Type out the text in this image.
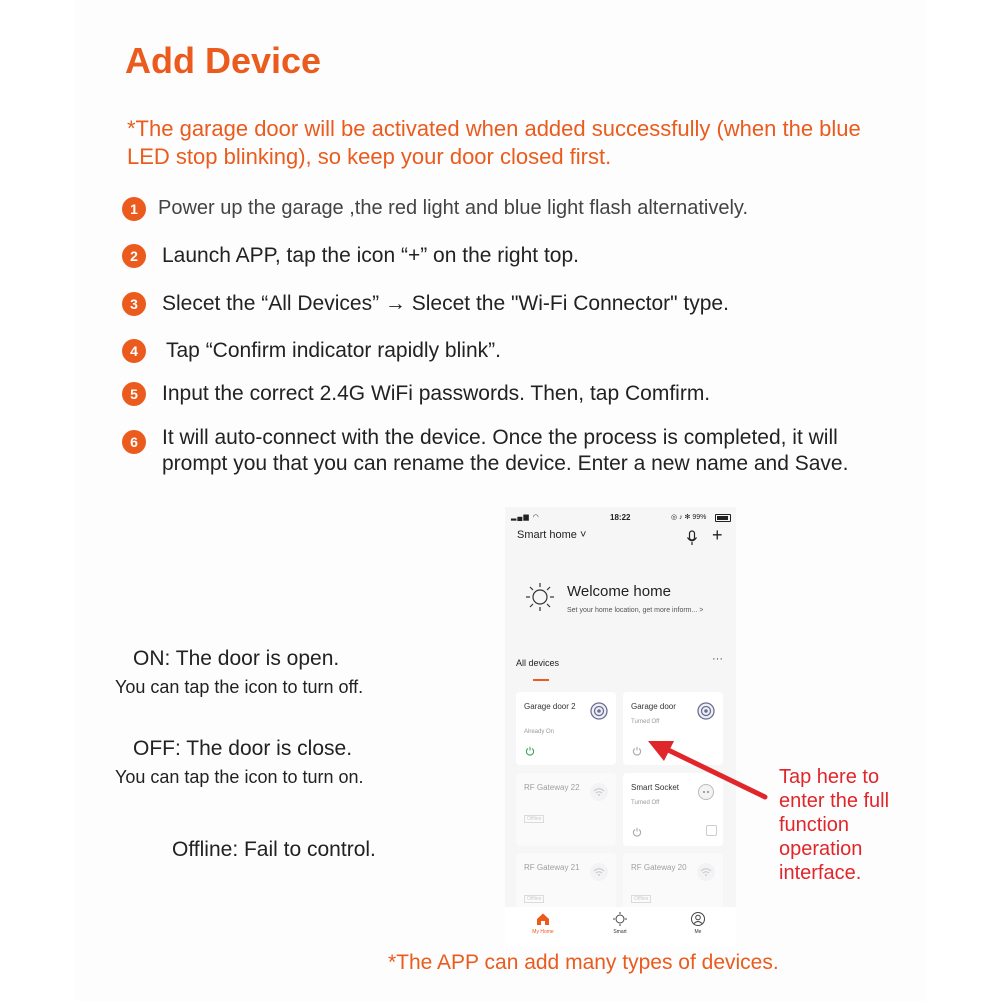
Add Device
*The garage door will be activated when added successfully (when the blue LED stop blinking), so keep your door closed first.
1	Power up the garage ,the red light and blue light flash alternatively.
2	Launch APP, tap the icon “+” on the right top.
3	Slecet the “All Devices” → Slecet the "Wi-Fi Connector" type.
4	Tap “Confirm indicator rapidly blink”.
5	Input the correct 2.4G WiFi passwords. Then, tap Comfirm.
6	It will auto-connect with the device. Once the process is completed, it will prompt you that you can rename the device. Enter a new name and Save.
ON: The door is open.
You can tap the icon to turn off.
OFF: The door is close.
You can tap the icon to turn on.
Offline: Fail to control.
▂▄▆ ◠	18:22	◎ ♪ ✻ 99%
Smart home ˅	+
Welcome home
Set your home location, get more inform... >
All devices	···
Garage door 2
Already On
Garage door
Turned Off
RF Gateway 22
Offline
Smart Socket
Turned Off
RF Gateway 21
Offline
RF Gateway 20
Offline
My Home	Smart	Me
Tap here to enter the full function operation interface.
*The APP can add many types of devices.
